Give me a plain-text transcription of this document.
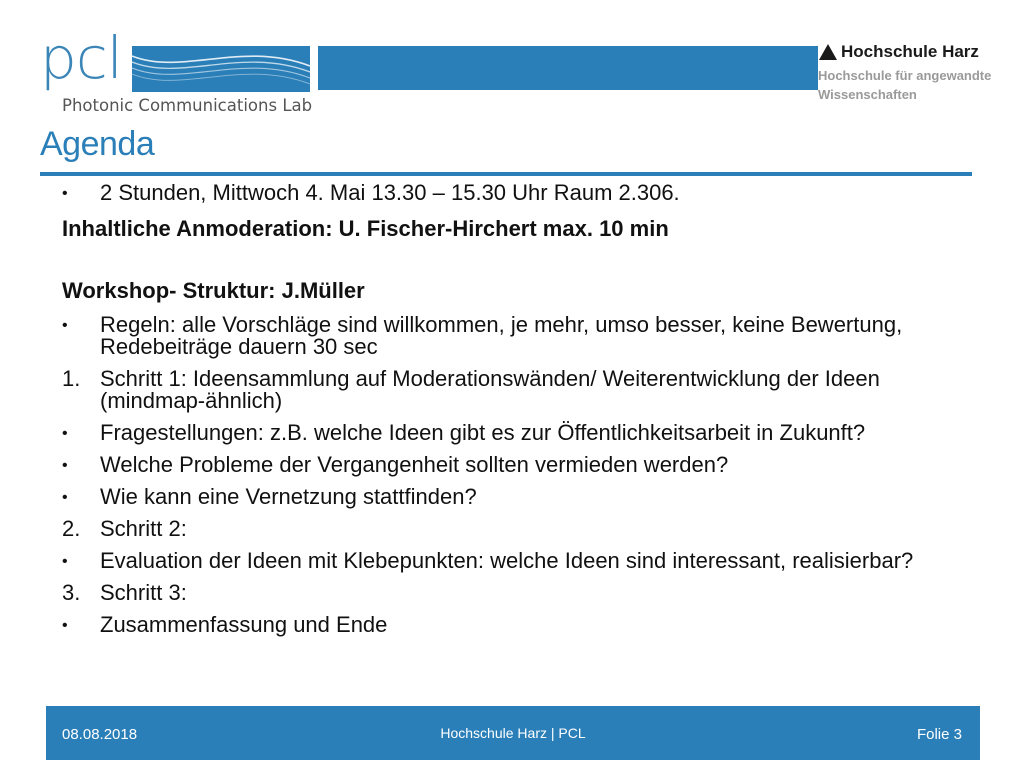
pcl
Photonic Communications Lab
Hochschule Harz
Hochschule für angewandte
Wissenschaften
Agenda
•	2 Stunden, Mittwoch 4. Mai 13.30 – 15.30 Uhr Raum 2.306.
Inhaltliche Anmoderation: U. Fischer-Hirchert max. 10 min
Workshop- Struktur: J.Müller
•	Regeln: alle Vorschläge sind willkommen, je mehr, umso besser, keine Bewertung, Redebeiträge dauern 30 sec
1. Schritt 1: Ideensammlung auf Moderationswänden/ Weiterentwicklung der Ideen (mindmap-ähnlich)
•	Fragestellungen: z.B. welche Ideen gibt es zur Öffentlichkeitsarbeit in Zukunft?
•	Welche Probleme der Vergangenheit sollten vermieden werden?
•	Wie kann eine Vernetzung stattfinden?
2. Schritt 2:
•	Evaluation der Ideen mit Klebepunkten: welche Ideen sind interessant, realisierbar?
3. Schritt 3:
•	Zusammenfassung und Ende
08.08.2018	Hochschule Harz | PCL	Folie 3
